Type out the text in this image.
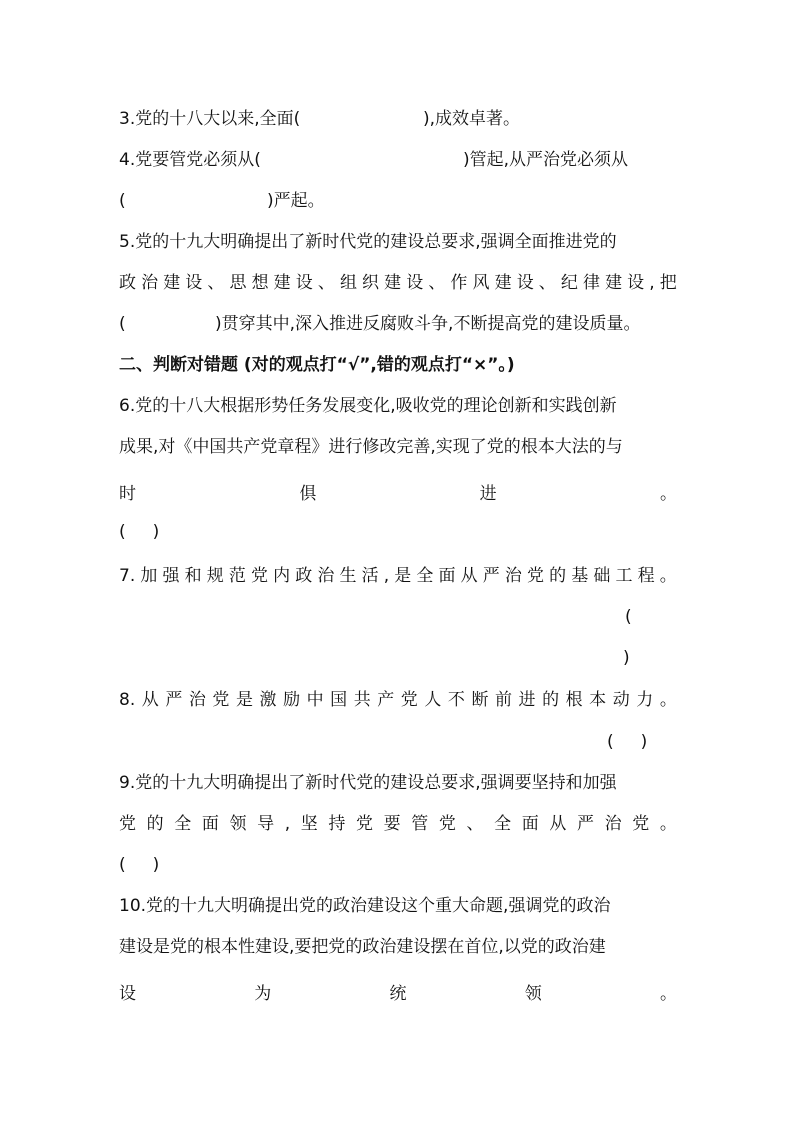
3.党的十八大以来,全面(	),成效卓著。
4.党要管党必须从(	)管起,从严治党必须从
(	)严起。
5.党的十九大明确提出了新时代党的建设总要求,强调全面推进党的
政 治 建 设 、 思 想 建 设 、 组 织 建 设 、 作 风 建 设 、 纪 律 建 设 , 把
(	)贯穿其中,深入推进反腐败斗争,不断提高党的建设质量。
二、判断对错题 (对的观点打“√”,错的观点打“×”。)
6.党的十八大根据形势任务发展变化,吸收党的理论创新和实践创新
成果,对《中国共产党章程》进行修改完善,实现了党的根本大法的与
时	俱	进	。
(     )
7. 加 强 和 规 范 党 内 政 治 生 活 , 是 全 面 从 严 治 党 的 基 础 工 程 。
(
)
8. 从 严 治 党 是 激 励 中 国 共 产 党 人 不 断 前 进 的 根 本 动 力 。
(     )
9.党的十九大明确提出了新时代党的建设总要求,强调要坚持和加强
党 的 全 面 领 导 , 坚 持 党 要 管 党 、 全 面 从 严 治 党 。
(     )
10.党的十九大明确提出党的政治建设这个重大命题,强调党的政治
建设是党的根本性建设,要把党的政治建设摆在首位,以党的政治建
设	为	统	领	。
